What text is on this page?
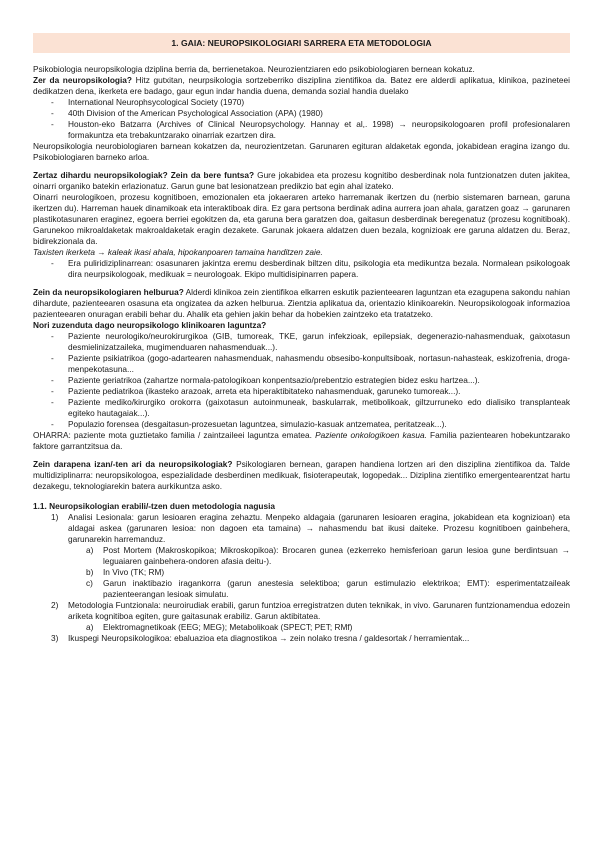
1. GAIA: NEUROPSIKOLOGIARI SARRERA ETA METODOLOGIA

Psikobiologia neuropsikologia dziplina berria da, berrienetakoa. Neurozientziaren edo psikobiologiaren bernean kokatuz.

Zer da neuropsikologia? Hitz gutxitan, neurpsikologia sortzeberriko disziplina zientifikoa da. Batez ere alderdi aplikatua, klinikoa, pazineteei dedikatzen dena, ikerketa ere badago, gaur egun indar handia duena, demanda sozial handia duelako

- International Neurophsycological Society (1970)
- 40th Division of the American Psychological Association (APA) (1980)
- Houston-eko Batzarra (Archives of Clinical Neuropsychology. Hannay et al,. 1998) → neuropsikologoaren profil profesionalaren formakuntza eta trebakuntzarako oinarriak ezartzen dira.

Neuropsikologia neurobiologiaren barnean kokatzen da, neurozientzetan. Garunaren egituran aldaketak egonda, jokabidean eragina izango du. Psikobiologiaren barneko arloa.

Zertaz dihardu neuropsikologiak? Zein da bere funtsa? Gure jokabidea eta prozesu kognitibo desberdinak nola funtzionatzen duten jakitea, oinarri organiko batekin erlazionatuz. Garun gune bat lesionatzean predikzio bat egin ahal izateko.

Oinarri neurologikoen, prozesu kognitiboen, emozionalen eta jokaeraren arteko harremanak ikertzen du (nerbio sistemaren barnean, garuna ikertzen du). Harreman hauek dinamikoak eta interaktiboak dira. Ez gara pertsona berdinak adina aurrera joan ahala, garatzen goaz → garunaren plastikotasunaren eraginez, egoera berriei egokitzen da, eta garuna bera garatzen doa, gaitasun desberdinak beregenatuz (prozesu kognitiboak). Garunekoo mikroaldaketak makroaldaketak eragin dezakete. Garunak jokaera aldatzen duen bezala, kognizioak ere garuna aldatzen du. Beraz, bidirekzionala da.

Taxisten ikerketa → kaleak ikasi ahala, hipokanpoaren tamaina handitzen zaie.

- Era puliridiziplinarrean: osasunaren jakintza eremu desberdinak biltzen ditu, psikologia eta medikuntza bezala. Normalean psikologoak dira neurpsikologoak, medikuak = neurologoak. Ekipo multidisipinarren papera.

Zein da neuropsikologiaren helburua? Alderdi klinikoa zein zientifikoa elkarren eskutik pazienteearen laguntzan eta ezagupena sakondu nahian dihardute, pazienteearen osasuna eta ongizatea da azken helburua. Zientzia aplikatua da, orientazio klinikoarekin. Neuropsikologoak informazioa pazienteearen onuragan erabili behar du. Ahalik eta gehien jakin behar da hobekien zaintzeko eta tratatzeko.

Nori zuzenduta dago neuropsikologo klinikoaren laguntza?

- Paziente neurologiko/neurokirurgikoa (GIB, tumoreak, TKE, garun infekzioak, epilepsiak, degenerazio-nahasmenduak, gaixotasun desmielinizatzaileka, mugimenduaren nahasmenduak...).
- Paziente psikiatrikoa (gogo-adartearen nahasmenduak, nahasmendu obsesibo-konpultsiboak, nortasun-nahasteak, eskizofrenia, droga-menpekotasuna...
- Paziente geriatrikoa (zahartze normala-patologikoan konpentsazio/prebentzio estrategien bidez esku hartzea...).
- Paziente pediatrikoa (ikasteko arazoak, arreta eta hiperaktibitateko nahasmenduak, garuneko tumoreak...).
- Paziente mediko/kirurgiko orokorra (gaixotasun autoinmuneak, baskularrak, metibolikoak, giltzurruneko edo dialisiko transplanteak egiteko hautagaiak...).
- Populazio forensea (desgaitasun-prozesuetan laguntzea, simulazio-kasuak antzematea, peritatzeak...).

OHARRA: paziente mota guztietako familia / zaintzaileei laguntza ematea. Paziente onkologikoen kasua. Familia pazientearen hobekuntzarako faktore garrantzitsua da.

Zein darapena izan/-ten ari da neuropsikologiak? Psikologiaren bernean, garapen handiena lortzen ari den disziplina zientifikoa da. Talde multidiziplinarra: neuropsikologoa, espezialidade desberdinen medikuak, fisioterapeutak, logopedak... Diziplina zientifiko emergentearentzat hartu dezakegu, teknologiarekin batera aurkikuntza asko.

1.1. Neuropsikologian erabili/-tzen duen metodologia nagusia

1) Analisi Lesionala: garun lesioaren eragina zehaztu. Menpeko aldagaia (garunaren lesioaren eragina, jokabidean eta kognizioan) eta aldagai askea (garunaren lesioa: non dagoen eta tamaina) → nahasmendu bat ikusi daiteke. Prozesu kognitiboen gainbehera, garunarekin harremanduz.
a) Post Mortem (Makroskopikoa; Mikroskopikoa): Brocaren gunea (ezkerreko hemisferioan garun lesioa gune berdintsuan → leguaiaren gainbehera-ondoren afasia deitu-).
b) In Vivo (TK; RM)
c) Garun inaktibazio iragankorra (garun anestesia selektiboa; garun estimulazio elektrikoa; EMT): esperimentatzaileak pazienteerangan lesioak simulatu.
2) Metodologia Funtzionala: neuroirudiak erabili, garun funtzioa erregistratzen duten teknikak, in vivo. Garunaren funtzionamendua edozein ariketa kognitiboa egiten, gure gaitasunak erabiliz. Garun aktibitatea.
a) Elektromagnetikoak (EEG; MEG); Metabolikoak (SPECT; PET; RMf)
3) Ikuspegi Neuropsikologikoa: ebaluazioa eta diagnostikoa → zein nolako tresna / galdesortak / herramientak...
